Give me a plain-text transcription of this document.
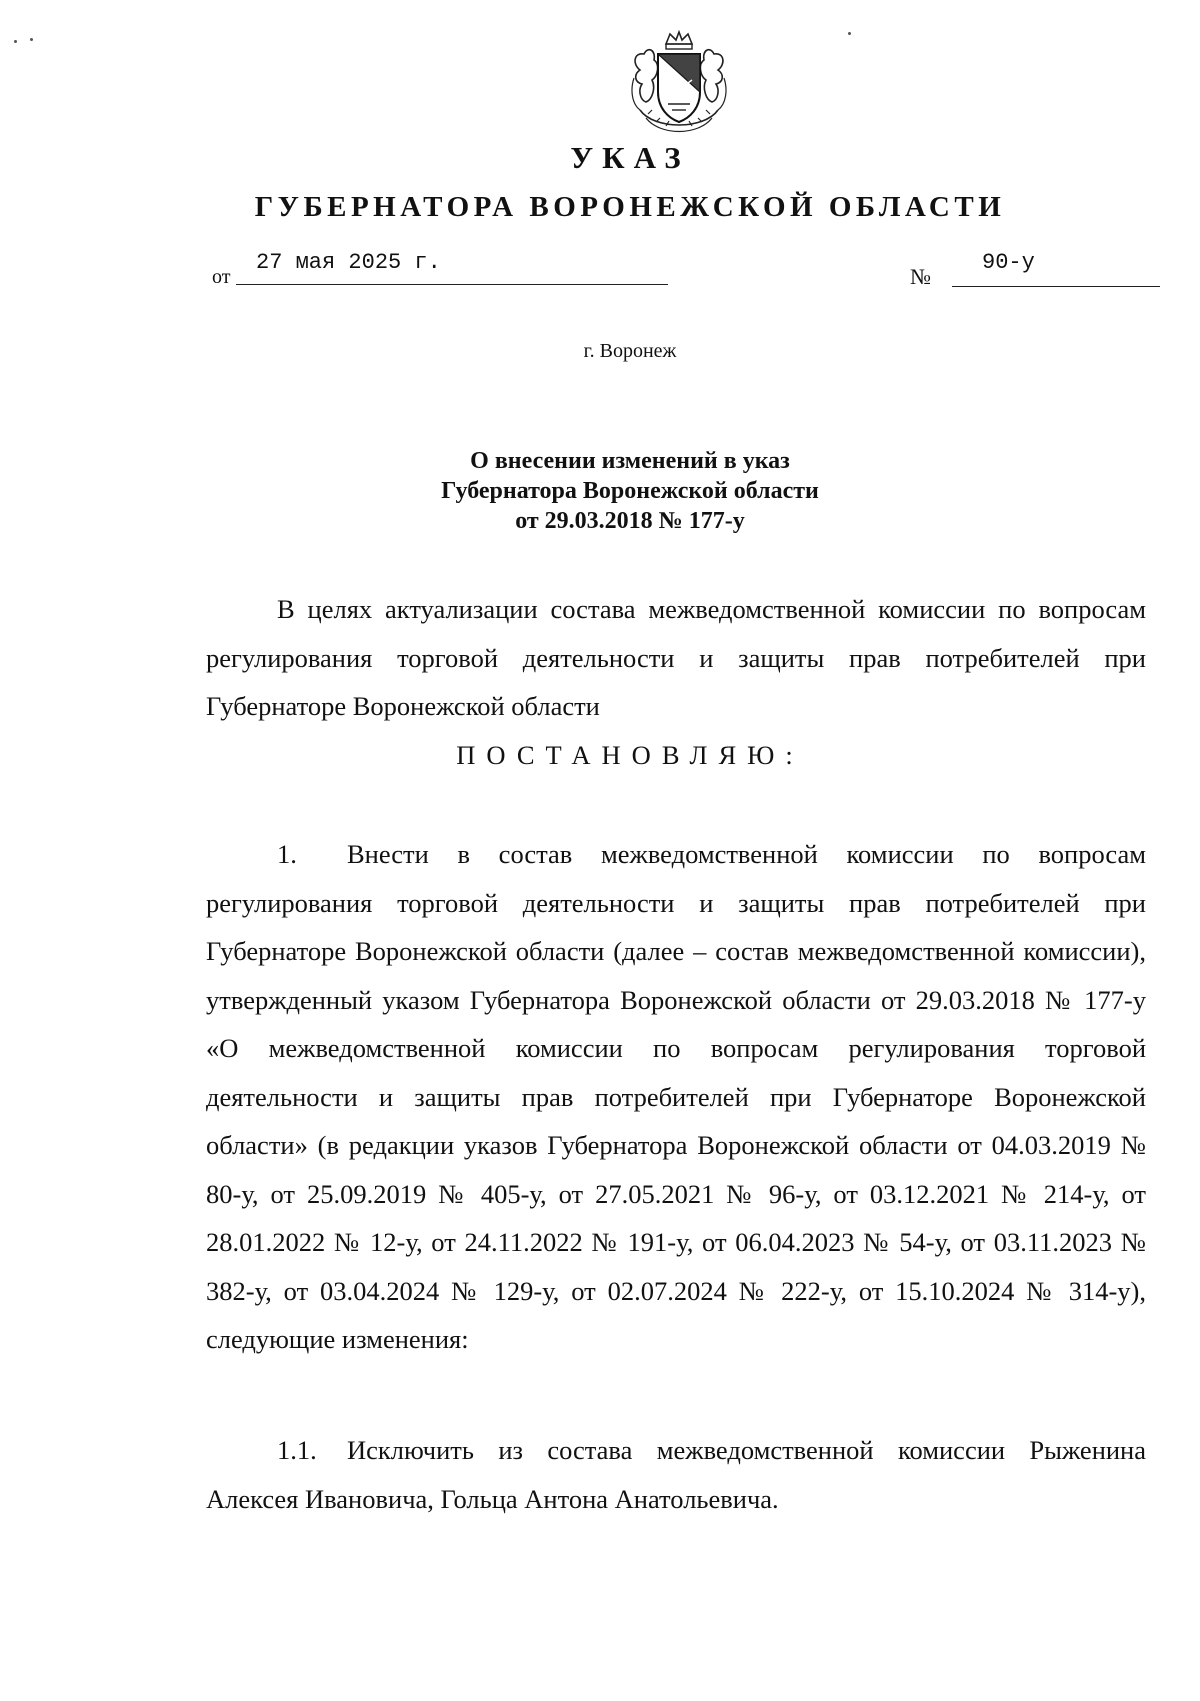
УКАЗ
ГУБЕРНАТОРА ВОРОНЕЖСКОЙ ОБЛАСТИ
от
27 мая 2025 г.
№
90-у
г. Воронеж
О внесении изменений в указ
Губернатора Воронежской области
от 29.03.2018 № 177-у

В целях актуализации состава межведомственной комиссии по вопросам регулирования торговой деятельности и защиты прав потребителей при Губернаторе Воронежской области

ПОСТАНОВЛЯЮ:

1. Внести в состав межведомственной комиссии по вопросам регулирования торговой деятельности и защиты прав потребителей при Губернаторе Воронежской области (далее – состав межведомственной комиссии), утвержденный указом Губернатора Воронежской области от 29.03.2018 № 177-у «О межведомственной комиссии по вопросам регулирования торговой деятельности и защиты прав потребителей при Губернаторе Воронежской области» (в редакции указов Губернатора Воронежской области от 04.03.2019 № 80-у, от 25.09.2019 № 405-у, от 27.05.2021 № 96-у, от 03.12.2021 № 214-у, от 28.01.2022 № 12-у, от 24.11.2022 № 191-у, от 06.04.2023 № 54-у, от 03.11.2023 № 382-у, от 03.04.2024 № 129-у, от 02.07.2024 № 222-у, от 15.10.2024 № 314-у), следующие изменения:

1.1. Исключить из состава межведомственной комиссии Рыженина Алексея Ивановича, Гольца Антона Анатольевича.
